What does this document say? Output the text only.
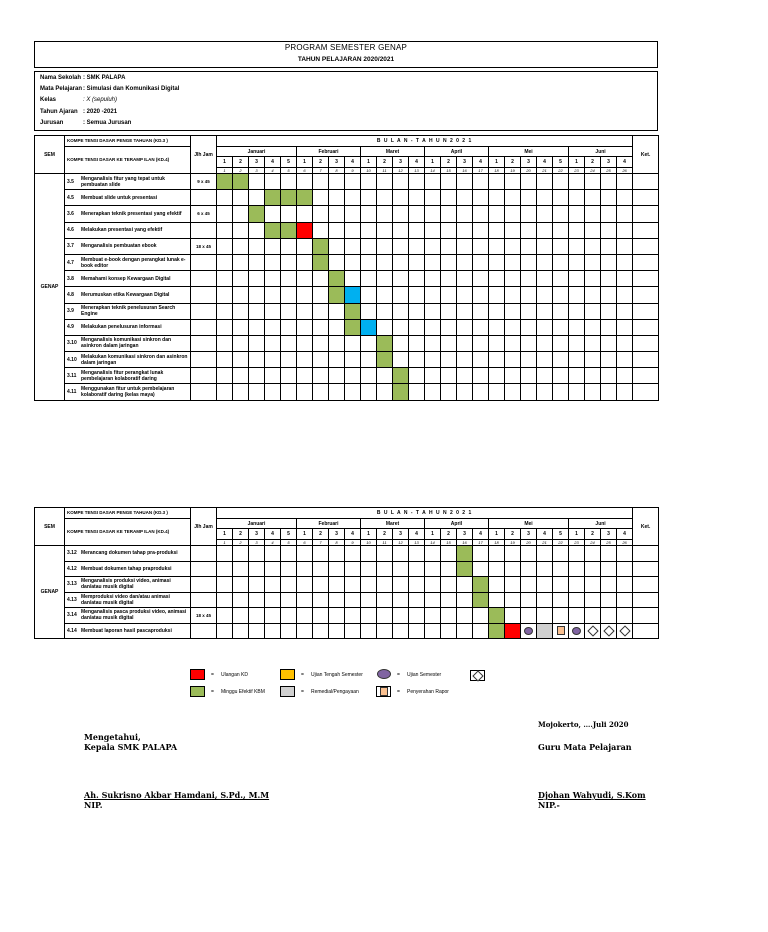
PROGRAM SEMESTER GENAP
TAHUN PELAJARAN 2020/2021
Nama Sekolah : SMK PALAPA
Mata Pelajaran: Simulasi dan Komunikasi Digital
Kelas	: X (sepuluh)
Tahun Ajaran : 2020 -2021
Jurusan	: Semua Jurusan
SEM	KOMPE TENSI DASAR PENGE TAHUAN (KD.3 )	Jlh Jam	B U L A N - T A H U N 2 0 2 1																										Ket.
	KOMPE TENSI DASAR KE TERAMP ILAN (KD.4)		Januari					Februari				Maret				April				Mei					Juni				
			1	2	3	4	5	1	2	3	4	1	2	3	4	1	2	3	4	1	2	3	4	5	1	2	3	4	
			1	2	3	4	5	6	7	8	9	10	11	12	13	14	15	16	17	18	19	20	21	22	23	24	25	26	
GENAP	3.5 Menganalisis fitur yang tepat untuk pembuatan slide	9 x 45																											

	4.5 Membuat slide untuk presentasi																												

	3.6 Menerapkan teknik presentasi yang efektif	6 x 45																											

	4.6 Melakukan presentasi yang efektif																												

	3.7 Menganalisis pembuatan ebook	18 x 45																											

	4.7 Membuat e-book dengan perangkat lunak e-book editor																												

	3.8 Memahami konsep Kewargaan Digital																												

	4.8 Merumuskan etika Kewargaan Digital																												

	3.9 Menerapkan teknik penelusuran Search Engine																												

	4.9 Melakukan penelusuran informasi																												

	3.10 Menganalisis komunikasi sinkron dan asinkron dalam jaringan																												

	4.10 Melakukan komunikasi sinkron dan asinkron dalam jaringan																												

	3.11 Menganalisis fitur perangkat lunak pembelajaran kolaboratif daring																												

	4.11 Menggunakan fitur untuk pembelajaran kolaboratif daring (kelas maya)																												

SEM	KOMPE TENSI DASAR PENGE TAHUAN (KD.3 )	Jlh Jam	B U L A N - T A H U N 2 0 2 1																										Ket.
	KOMPE TENSI DASAR KE TERAMP ILAN (KD.4)		Januari					Februari				Maret				April				Mei					Juni				
			1	2	3	4	5	1	2	3	4	1	2	3	4	1	2	3	4	1	2	3	4	5	1	2	3	4	
			1	2	3	4	5	6	7	8	9	10	11	12	13	14	15	16	17	18	19	20	21	22	23	24	25	26	
GENAP	3.12 Merancang dokumen tahap pra-produksi																												

	4.12 Membuat dokumen tahap praproduksi																												

	3.13 Menganalisis produksi video, animasi dan/atau musik digital																												

	4.13 Memproduksi video dan/atau animasi dan/atau musik digital																												

	3.14 Menganalisis pasca produksi video, animasi dan/atau musik digital	18 x 45																											

	4.14 Membuat laporan hasil pascaproduksi																												

= Ulangan KD	= Ujian Tengah Semester	= Ujian Semester
= Minggu Efektif KBM	= Remedial/Pengayaan	= Penyerahan Rapor
Mengetahui,
Kepala SMK PALAPA
Ah. Sukrisno Akbar Hamdani, S.Pd., M.M
NIP.
Mojokerto, ….Juli 2020
Guru Mata Pelajaran
Djohan Wahyudi, S.Kom
NIP.-
